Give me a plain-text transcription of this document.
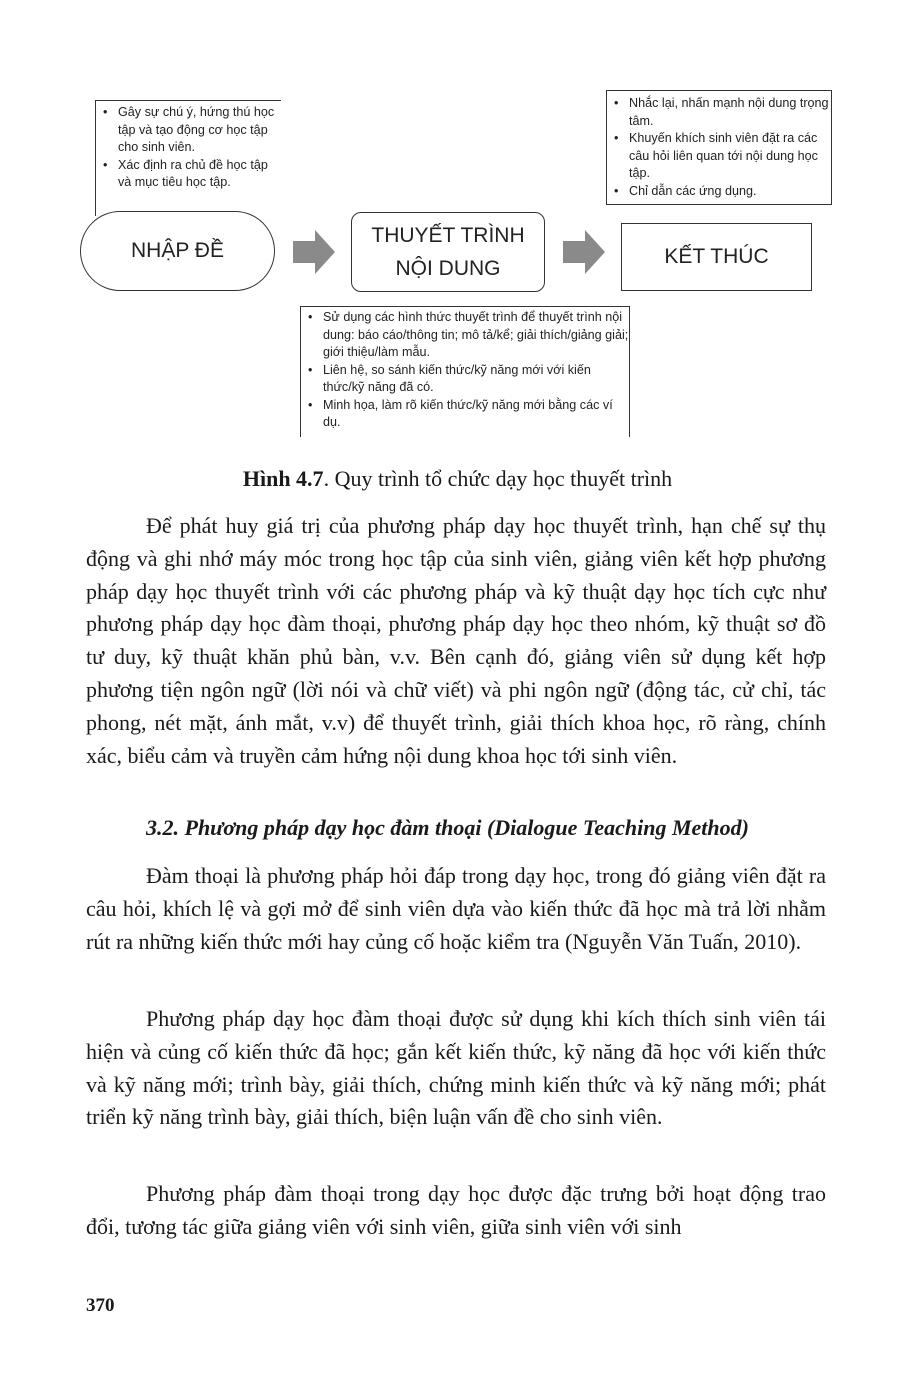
• Gây sự chú ý, hứng thú học tập và tạo động cơ học tập cho sinh viên.
• Xác định ra chủ đề học tập và mục tiêu học tập.
• Nhắc lại, nhấn mạnh nội dung trọng tâm.
• Khuyến khích sinh viên đặt ra các câu hỏi liên quan tới nội dung học tập.
• Chỉ dẫn các ứng dụng.
NHẬP ĐỀ
THUYẾT TRÌNH
NỘI DUNG
KẾT THÚC
• Sử dụng các hình thức thuyết trình để thuyết trình nội dung: báo cáo/thông tin; mô tả/kể; giải thích/giảng giải; giới thiệu/làm mẫu.
• Liên hệ, so sánh kiến thức/kỹ năng mới với kiến thức/kỹ năng đã có.
• Minh họa, làm rõ kiến thức/kỹ năng mới bằng các ví dụ.
Hình 4.7. Quy trình tổ chức dạy học thuyết trình

Để phát huy giá trị của phương pháp dạy học thuyết trình, hạn chế sự thụ động và ghi nhớ máy móc trong học tập của sinh viên, giảng viên kết hợp phương pháp dạy học thuyết trình với các phương pháp và kỹ thuật dạy học tích cực như phương pháp dạy học đàm thoại, phương pháp dạy học theo nhóm, kỹ thuật sơ đồ tư duy, kỹ thuật khăn phủ bàn, v.v. Bên cạnh đó, giảng viên sử dụng kết hợp phương tiện ngôn ngữ (lời nói và chữ viết) và phi ngôn ngữ (động tác, cử chỉ, tác phong, nét mặt, ánh mắt, v.v) để thuyết trình, giải thích khoa học, rõ ràng, chính xác, biểu cảm và truyền cảm hứng nội dung khoa học tới sinh viên.

3.2. Phương pháp dạy học đàm thoại (Dialogue Teaching Method)

Đàm thoại là phương pháp hỏi đáp trong dạy học, trong đó giảng viên đặt ra câu hỏi, khích lệ và gợi mở để sinh viên dựa vào kiến thức đã học mà trả lời nhằm rút ra những kiến thức mới hay củng cố hoặc kiểm tra (Nguyễn Văn Tuấn, 2010).

Phương pháp dạy học đàm thoại được sử dụng khi kích thích sinh viên tái hiện và củng cố kiến thức đã học; gắn kết kiến thức, kỹ năng đã học với kiến thức và kỹ năng mới; trình bày, giải thích, chứng minh kiến thức và kỹ năng mới; phát triển kỹ năng trình bày, giải thích, biện luận vấn đề cho sinh viên.

Phương pháp đàm thoại trong dạy học được đặc trưng bởi hoạt động trao đổi, tương tác giữa giảng viên với sinh viên, giữa sinh viên với sinh

370
